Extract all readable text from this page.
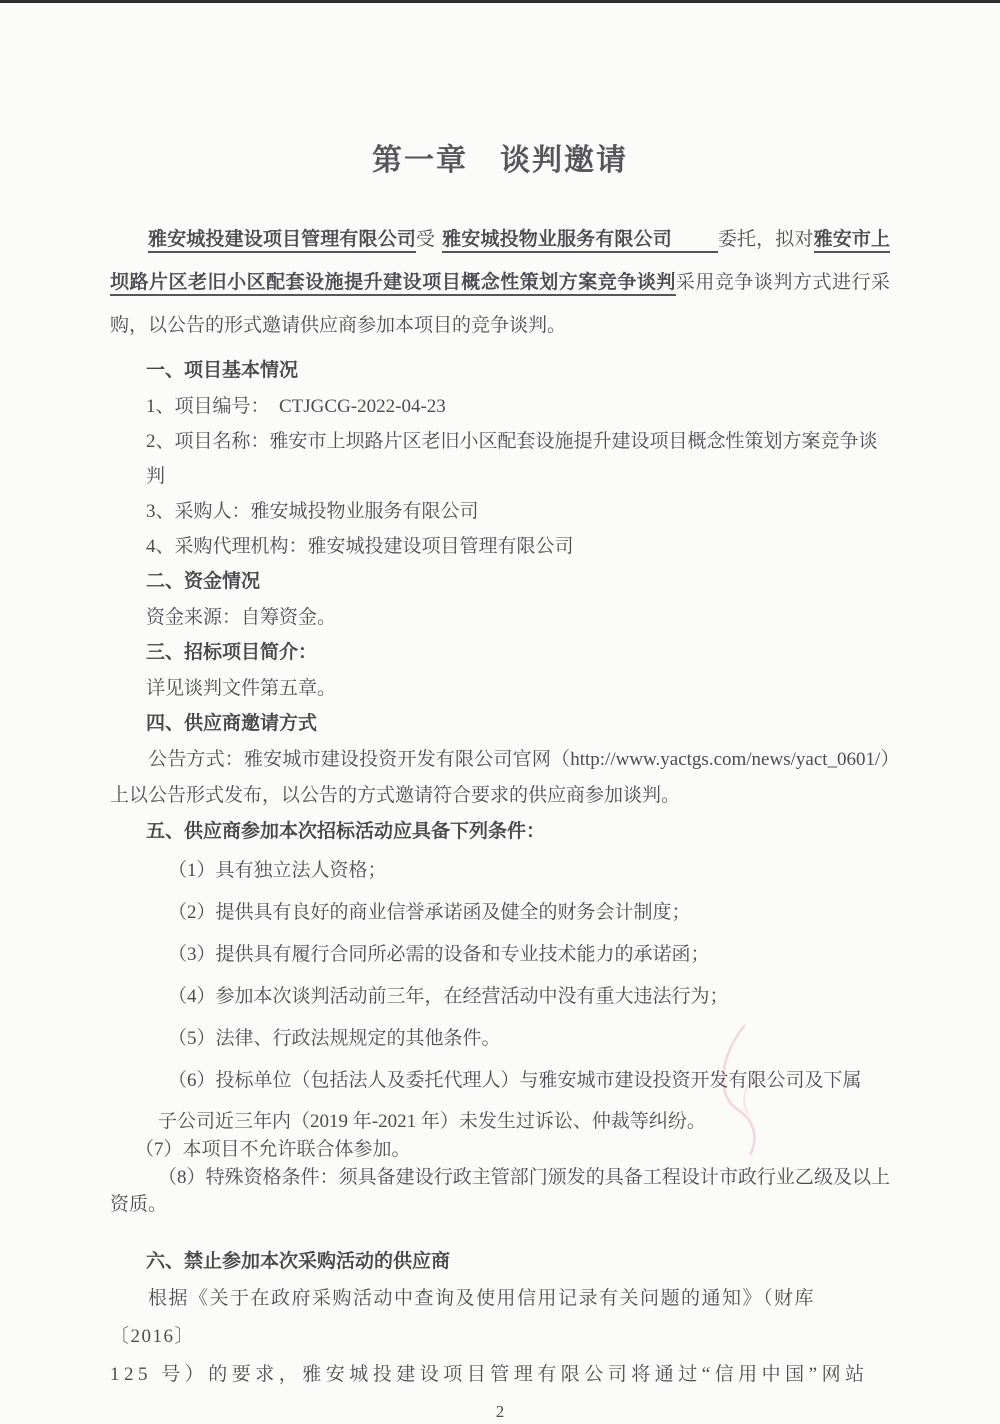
第一章　谈判邀请
雅安城投建设项目管理有限公司受 雅安城投物业服务有限公司 委托，拟对雅安市上坝路片区老旧小区配套设施提升建设项目概念性策划方案竞争谈判采用竞争谈判方式进行采购，以公告的形式邀请供应商参加本项目的竞争谈判。
一、项目基本情况
1、项目编号：  CTJGCG-2022-04-23
2、项目名称：雅安市上坝路片区老旧小区配套设施提升建设项目概念性策划方案竞争谈判
3、采购人：雅安城投物业服务有限公司
4、采购代理机构：雅安城投建设项目管理有限公司
二、资金情况
资金来源：自筹资金。
三、招标项目简介：
详见谈判文件第五章。
四、供应商邀请方式
公告方式：雅安城市建设投资开发有限公司官网（http://www.yactgs.com/news/yact_0601/）上以公告形式发布，以公告的方式邀请符合要求的供应商参加谈判。
五、供应商参加本次招标活动应具备下列条件：
（1）具有独立法人资格；
（2）提供具有良好的商业信誉承诺函及健全的财务会计制度；
（3）提供具有履行合同所必需的设备和专业技术能力的承诺函；
（4）参加本次谈判活动前三年，在经营活动中没有重大违法行为；
（5）法律、行政法规规定的其他条件。
（6）投标单位（包括法人及委托代理人）与雅安城市建设投资开发有限公司及下属
子公司近三年内（2019 年-2021 年）未发生过诉讼、仲裁等纠纷。
（7）本项目不允许联合体参加。
（8）特殊资格条件：须具备建设行政主管部门颁发的具备工程设计市政行业乙级及以上资质。
六、禁止参加本次采购活动的供应商
根据《关于在政府采购活动中查询及使用信用记录有关问题的通知》（财库〔2016〕
125 号）的要求，雅安城投建设项目管理有限公司将通过“信用中国”网站
2
